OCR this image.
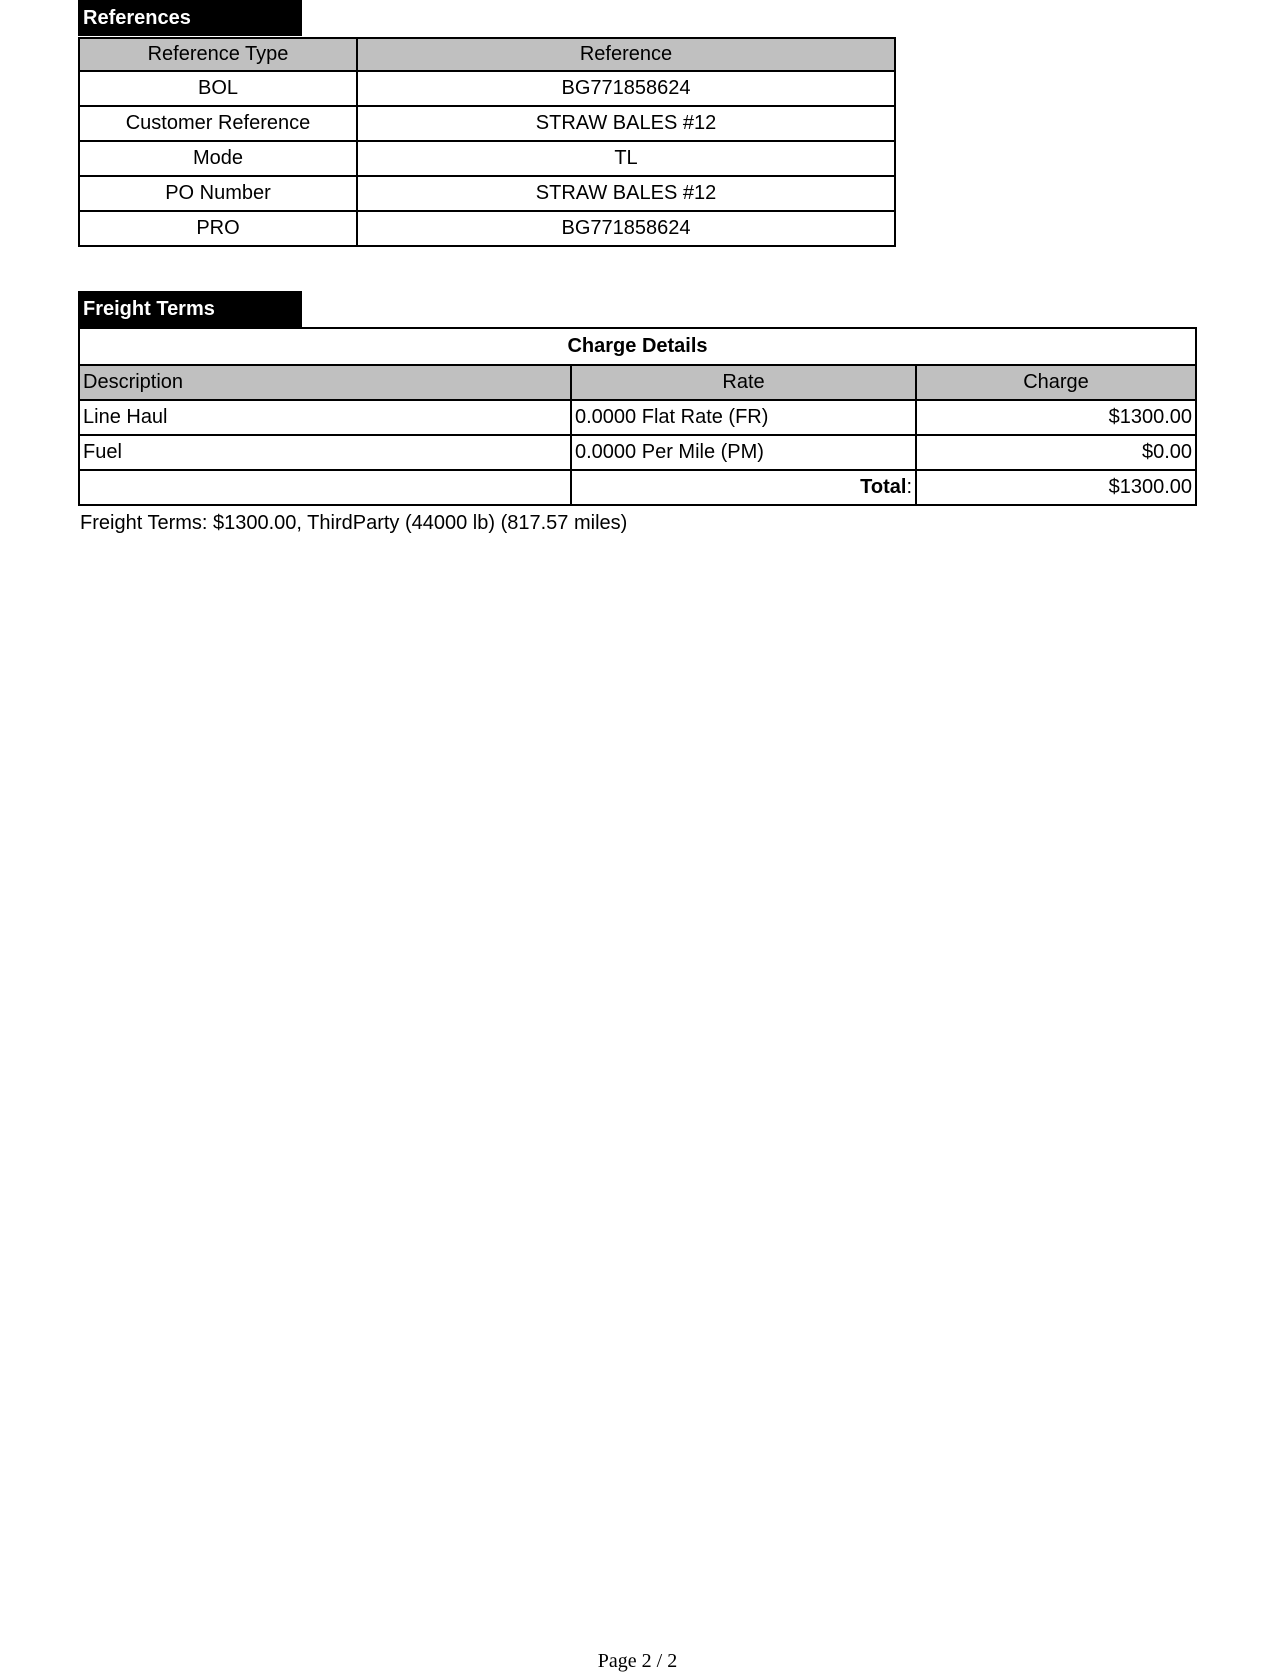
References
Reference Type	Reference
BOL	BG771858624
Customer Reference	STRAW BALES #12
Mode	TL
PO Number	STRAW BALES #12
PRO	BG771858624
Freight Terms
Charge Details		
Description	Rate	Charge
Line Haul	0.0000 Flat Rate (FR)	$1300.00
Fuel	0.0000 Per Mile (PM)	$0.00
	Total:	$1300.00
Freight Terms: $1300.00, ThirdParty (44000 lb) (817.57 miles)
Page 2 / 2
